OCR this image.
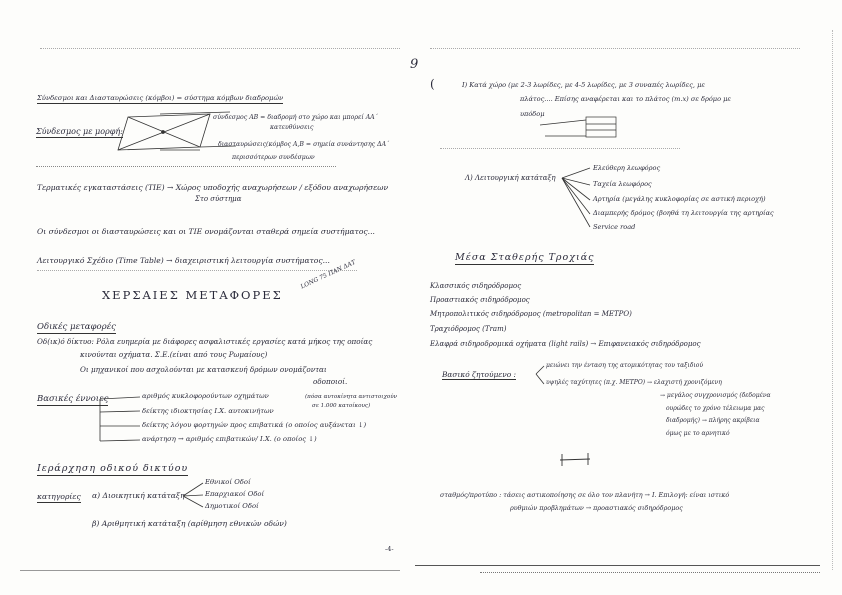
Σύνδεσμοι και Διασταυρώσεις (κόμβοι) = σύστημα κόμβων διαδρομών
σύνδεσμος ΑΒ = διαδρομή στο χώρο και μπορεί ΑΑ΄
κατευθύνσεις
Σύνδεσμος με μορφή:
διασταυρώσεις(κόμβος Α,Β = σημεία συνάντησης ΔΑ΄
περισσότερων συνδέσμων
Τερματικές εγκαταστάσεις (ΤΙΕ) → Χώρος υποδοχής αναχωρήσεων / εξόδου αναχωρήσεων
Στο σύστημα
Οι σύνδεσμοι οι διασταυρώσεις και οι ΤΙΕ ονομάζονται σταθερά σημεία συστήματος...
Λειτουργικό Σχέδιο (Time Table) → διαχειριστική λειτουργία συστήματος...
ΧΕΡΣΑΙΕΣ ΜΕΤΑΦΟΡΕΣ
LONG 75 ΠΑΝ ΔΑΤ
Οδικές μεταφορές
Οδ(ικ)ό δίκτυο: Ρόλα ευημερία με διάφορες ασφαλιστικές εργασίες κατά μήκος της οποίας
κινούνται οχήματα. Σ.Ε.(είναι από τους Ρωμαίους)
Οι μηχανικοί που ασχολούνται με κατασκευή δρόμων ονομάζονται
οδοποιοί.
Βασικές έννοιες	αριθμός κυκλοφορούντων οχημάτων	(πόσα αυτοκίνητα αντιστοιχούν
σε 1.000 κατοίκους)
δείκτης ιδιοκτησίας Ι.Χ. αυτοκινήτων
δείκτης λόγου φορτηγών προς επιβατικά (ο οποίος αυξάνεται ↓)
ανάρτηση → αριθμός επιβατικών/ Ι.Χ. (ο οποίος ↓)
Ιεράρχηση οδικού δικτύου
κατηγορίες α) Διοικητική κατάταξη
Εθνικοί Οδοί
Επαρχιακοί Οδοί
Δημοτικοί Οδοί
β) Αριθμητική κατάταξη (αρίθμηση εθνικών οδών)
-4-
9
(	Ι) Κατά χώρο (με 2-3 λωρίδες, με 4-5 λωρίδες, με 3 συναπές λωρίδες, με
πλάτος.... Επίσης αναφέρεται και το πλάτος (m.x) σε δρόμο με
υπόδομ
Λ) Λειτουργική κατάταξη
Ελεύθερη λεωφόρος
Ταχεία λεωφόρος
Αρτηρία (μεγάλης κυκλοφορίας σε αστική περιοχή)
Διαμπερής δρόμος (βοηθά τη λειτουργία της αρτηρίας
Service road
Μέσα Σταθερής Τροχιάς
Κλασσικός σιδηρόδρομος
Προαστιακός σιδηρόδρομος
Μητροπολιτικός σιδηρόδρομος (metropolitan = METPO)
Τραχιόδρομος (Tram)
Ελαφρά σιδηροδρομικά οχήματα (light rails) → Επιφανειακός σιδηρόδρομος
Βασικό ζητούμενο :
μειώνει την ένταση της ατομικότητας του ταξιδιού
υψηλές ταχύτητες (π.χ. ΜΕΤΡΟ) → ελαχιστή χρονιζόμενη
→ μεγάλος συγχρονισμός (δεδομένα
ουρώδες το χρόνο τέλειωμα μας
διαδρομής) → πλήρης ακρίβεια
όμως με το αρνητικό
σταθμός/προτύπο : τάσεις αστικοποίησης σε όλο τον πλανήτη → Ι. Επιλογή: είναι ιστικό
ρυθμιών προβλημάτων → προαστιακός σιδηρόδρομος
